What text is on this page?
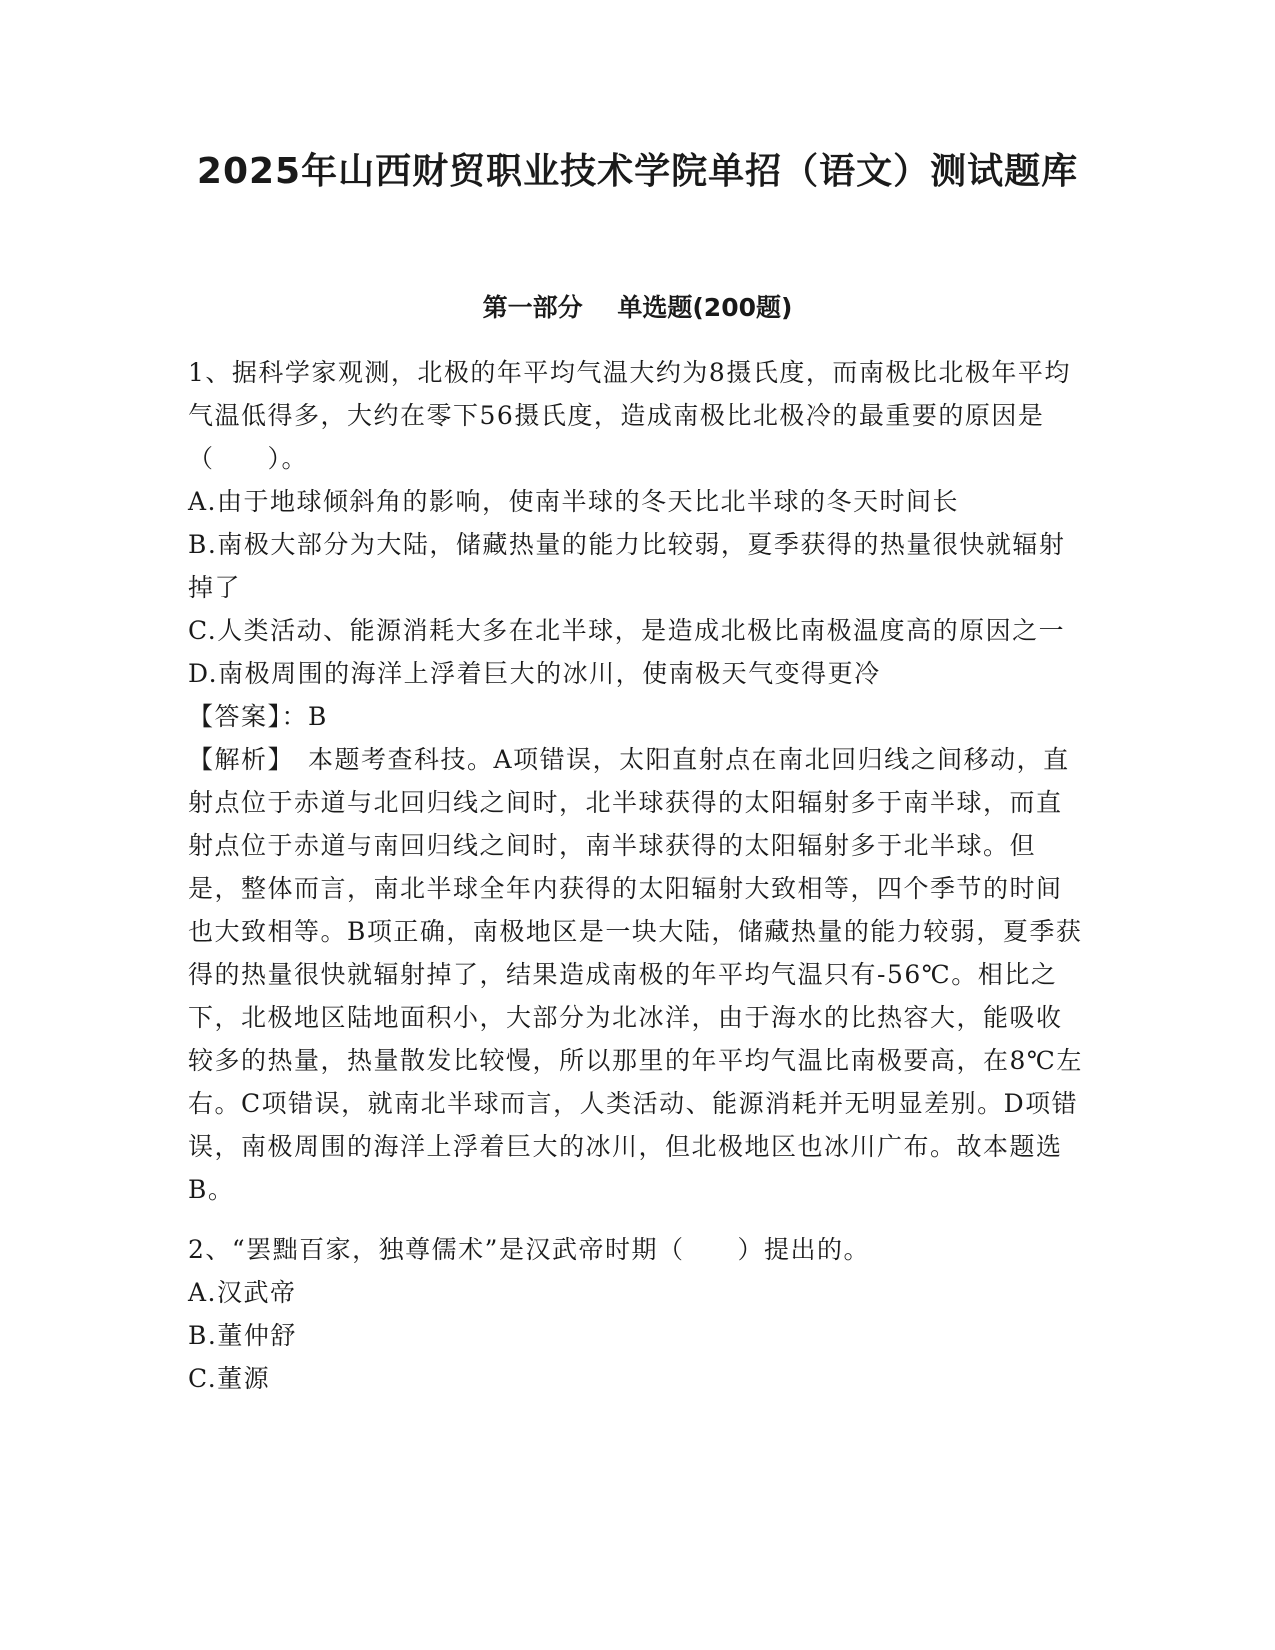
2025年山西财贸职业技术学院单招（语文）测试题库
第一部分    单选题(200题)

1、据科学家观测，北极的年平均气温大约为8摄氏度，而南极比北极年平均气温低得多，大约在零下56摄氏度，造成南极比北极冷的最重要的原因是（　　）。

A.由于地球倾斜角的影响，使南半球的冬天比北半球的冬天时间长

B.南极大部分为大陆，储藏热量的能力比较弱，夏季获得的热量很快就辐射掉了

C.人类活动、能源消耗大多在北半球，是造成北极比南极温度高的原因之一

D.南极周围的海洋上浮着巨大的冰川，使南极天气变得更冷

【答案】：B

【解析】　本题考查科技。A项错误，太阳直射点在南北回归线之间移动，直射点位于赤道与北回归线之间时，北半球获得的太阳辐射多于南半球，而直射点位于赤道与南回归线之间时，南半球获得的太阳辐射多于北半球。但是，整体而言，南北半球全年内获得的太阳辐射大致相等，四个季节的时间也大致相等。B项正确，南极地区是一块大陆，储藏热量的能力较弱，夏季获得的热量很快就辐射掉了，结果造成南极的年平均气温只有-56℃。相比之下，北极地区陆地面积小，大部分为北冰洋，由于海水的比热容大，能吸收较多的热量，热量散发比较慢，所以那里的年平均气温比南极要高，在8℃左右。C项错误，就南北半球而言，人类活动、能源消耗并无明显差别。D项错误，南极周围的海洋上浮着巨大的冰川，但北极地区也冰川广布。故本题选B。

2、“罢黜百家，独尊儒术”是汉武帝时期（　　）提出的。

A.汉武帝

B.董仲舒

C.董源
